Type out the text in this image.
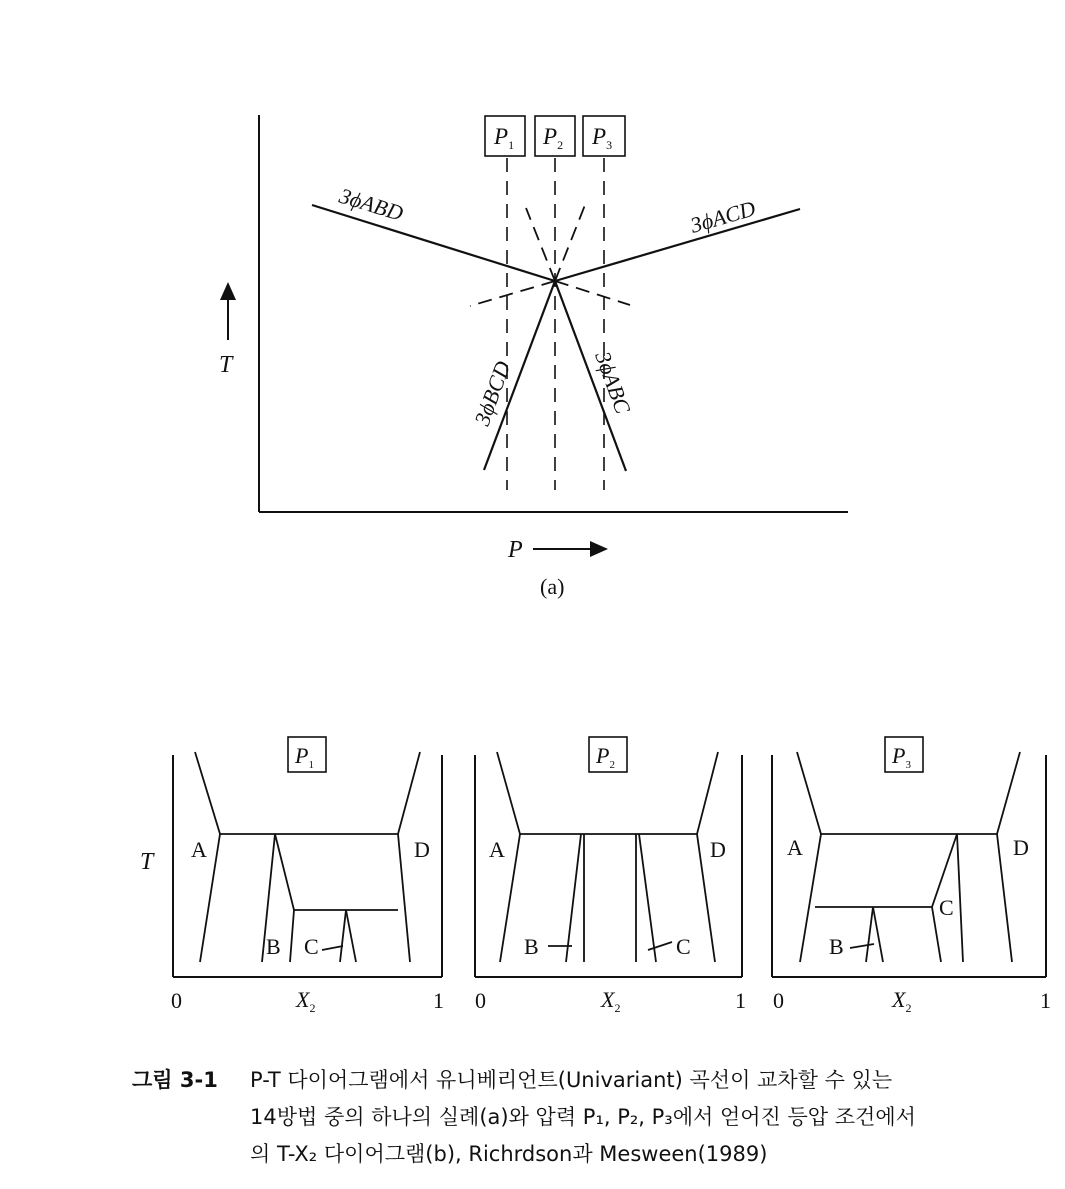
T
P
(a)
$P_1$ $P_2$ $P_3$
3ϕABD	3ϕACD
3ϕBCD	3ϕABC
T
$P_1$
A	D
B C
0	1
$X_2$
$P_2$
A	D
B	C
0	1
$X_2$
$P_3$
A	D
C
B
0	1
$X_2$
그림 3-1	P-T 다이어그램에서 유니베리언트(Univariant) 곡선이 교차할 수 있는
14방법 중의 하나의 실례(a)와 압력 P₁, P₂, P₃에서 얻어진 등압 조건에서
의 T-X₂ 다이어그램(b), Richrdson과 Mesween(1989)
